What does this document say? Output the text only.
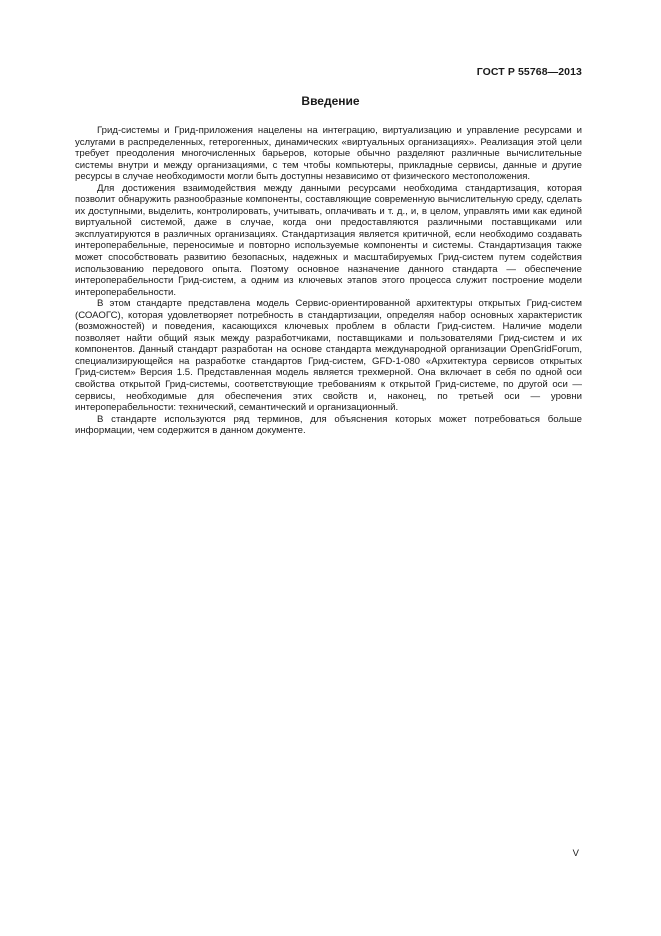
ГОСТ Р 55768—2013
Введение

Грид-системы и Грид-приложения нацелены на интеграцию, виртуализацию и управление ресурсами и услугами в распределенных, гетерогенных, динамических «виртуальных организациях». Реализация этой цели требует преодоления многочисленных барьеров, которые обычно разделяют различные вычислительные системы внутри и между организациями, с тем чтобы компьютеры, прикладные сервисы, данные и другие ресурсы в случае необходимости могли быть доступны независимо от физического местоположения.

Для достижения взаимодействия между данными ресурсами необходима стандартизация, которая позволит обнаружить разнообразные компоненты, составляющие современную вычислительную среду, сделать их доступными, выделить, контролировать, учитывать, оплачивать и т. д., и, в целом, управлять ими как единой виртуальной системой, даже в случае, когда они предоставляются различными поставщиками или эксплуатируются в различных организациях. Стандартизация является критичной, если необходимо создавать интероперабельные, переносимые и повторно используемые компоненты и системы. Стандартизация также может способствовать развитию безопасных, надежных и масштабируемых Грид-систем путем содействия использованию передового опыта. Поэтому основное назначение данного стандарта — обеспечение интероперабельности Грид-систем, а одним из ключевых этапов этого процесса служит построение модели интероперабельности.

В этом стандарте представлена модель Сервис-ориентированной архитектуры открытых Грид-систем (СОАОГС), которая удовлетворяет потребность в стандартизации, определяя набор основных характеристик (возможностей) и поведения, касающихся ключевых проблем в области Грид-систем. Наличие модели позволяет найти общий язык между разработчиками, поставщиками и пользователями Грид-систем и их компонентов. Данный стандарт разработан на основе стандарта международной организации OpenGridForum, специализирующейся на разработке стандартов Грид-систем, GFD-1-080 «Архитектура сервисов открытых Грид-систем» Версия 1.5. Представленная модель является трехмерной. Она включает в себя по одной оси свойства открытой Грид-системы, соответствующие требованиям к открытой Грид-системе, по другой оси — сервисы, необходимые для обеспечения этих свойств и, наконец, по третьей оси — уровни интероперабельности: технический, семантический и организационный.

В стандарте используются ряд терминов, для объяснения которых может потребоваться больше информации, чем содержится в данном документе.

V
